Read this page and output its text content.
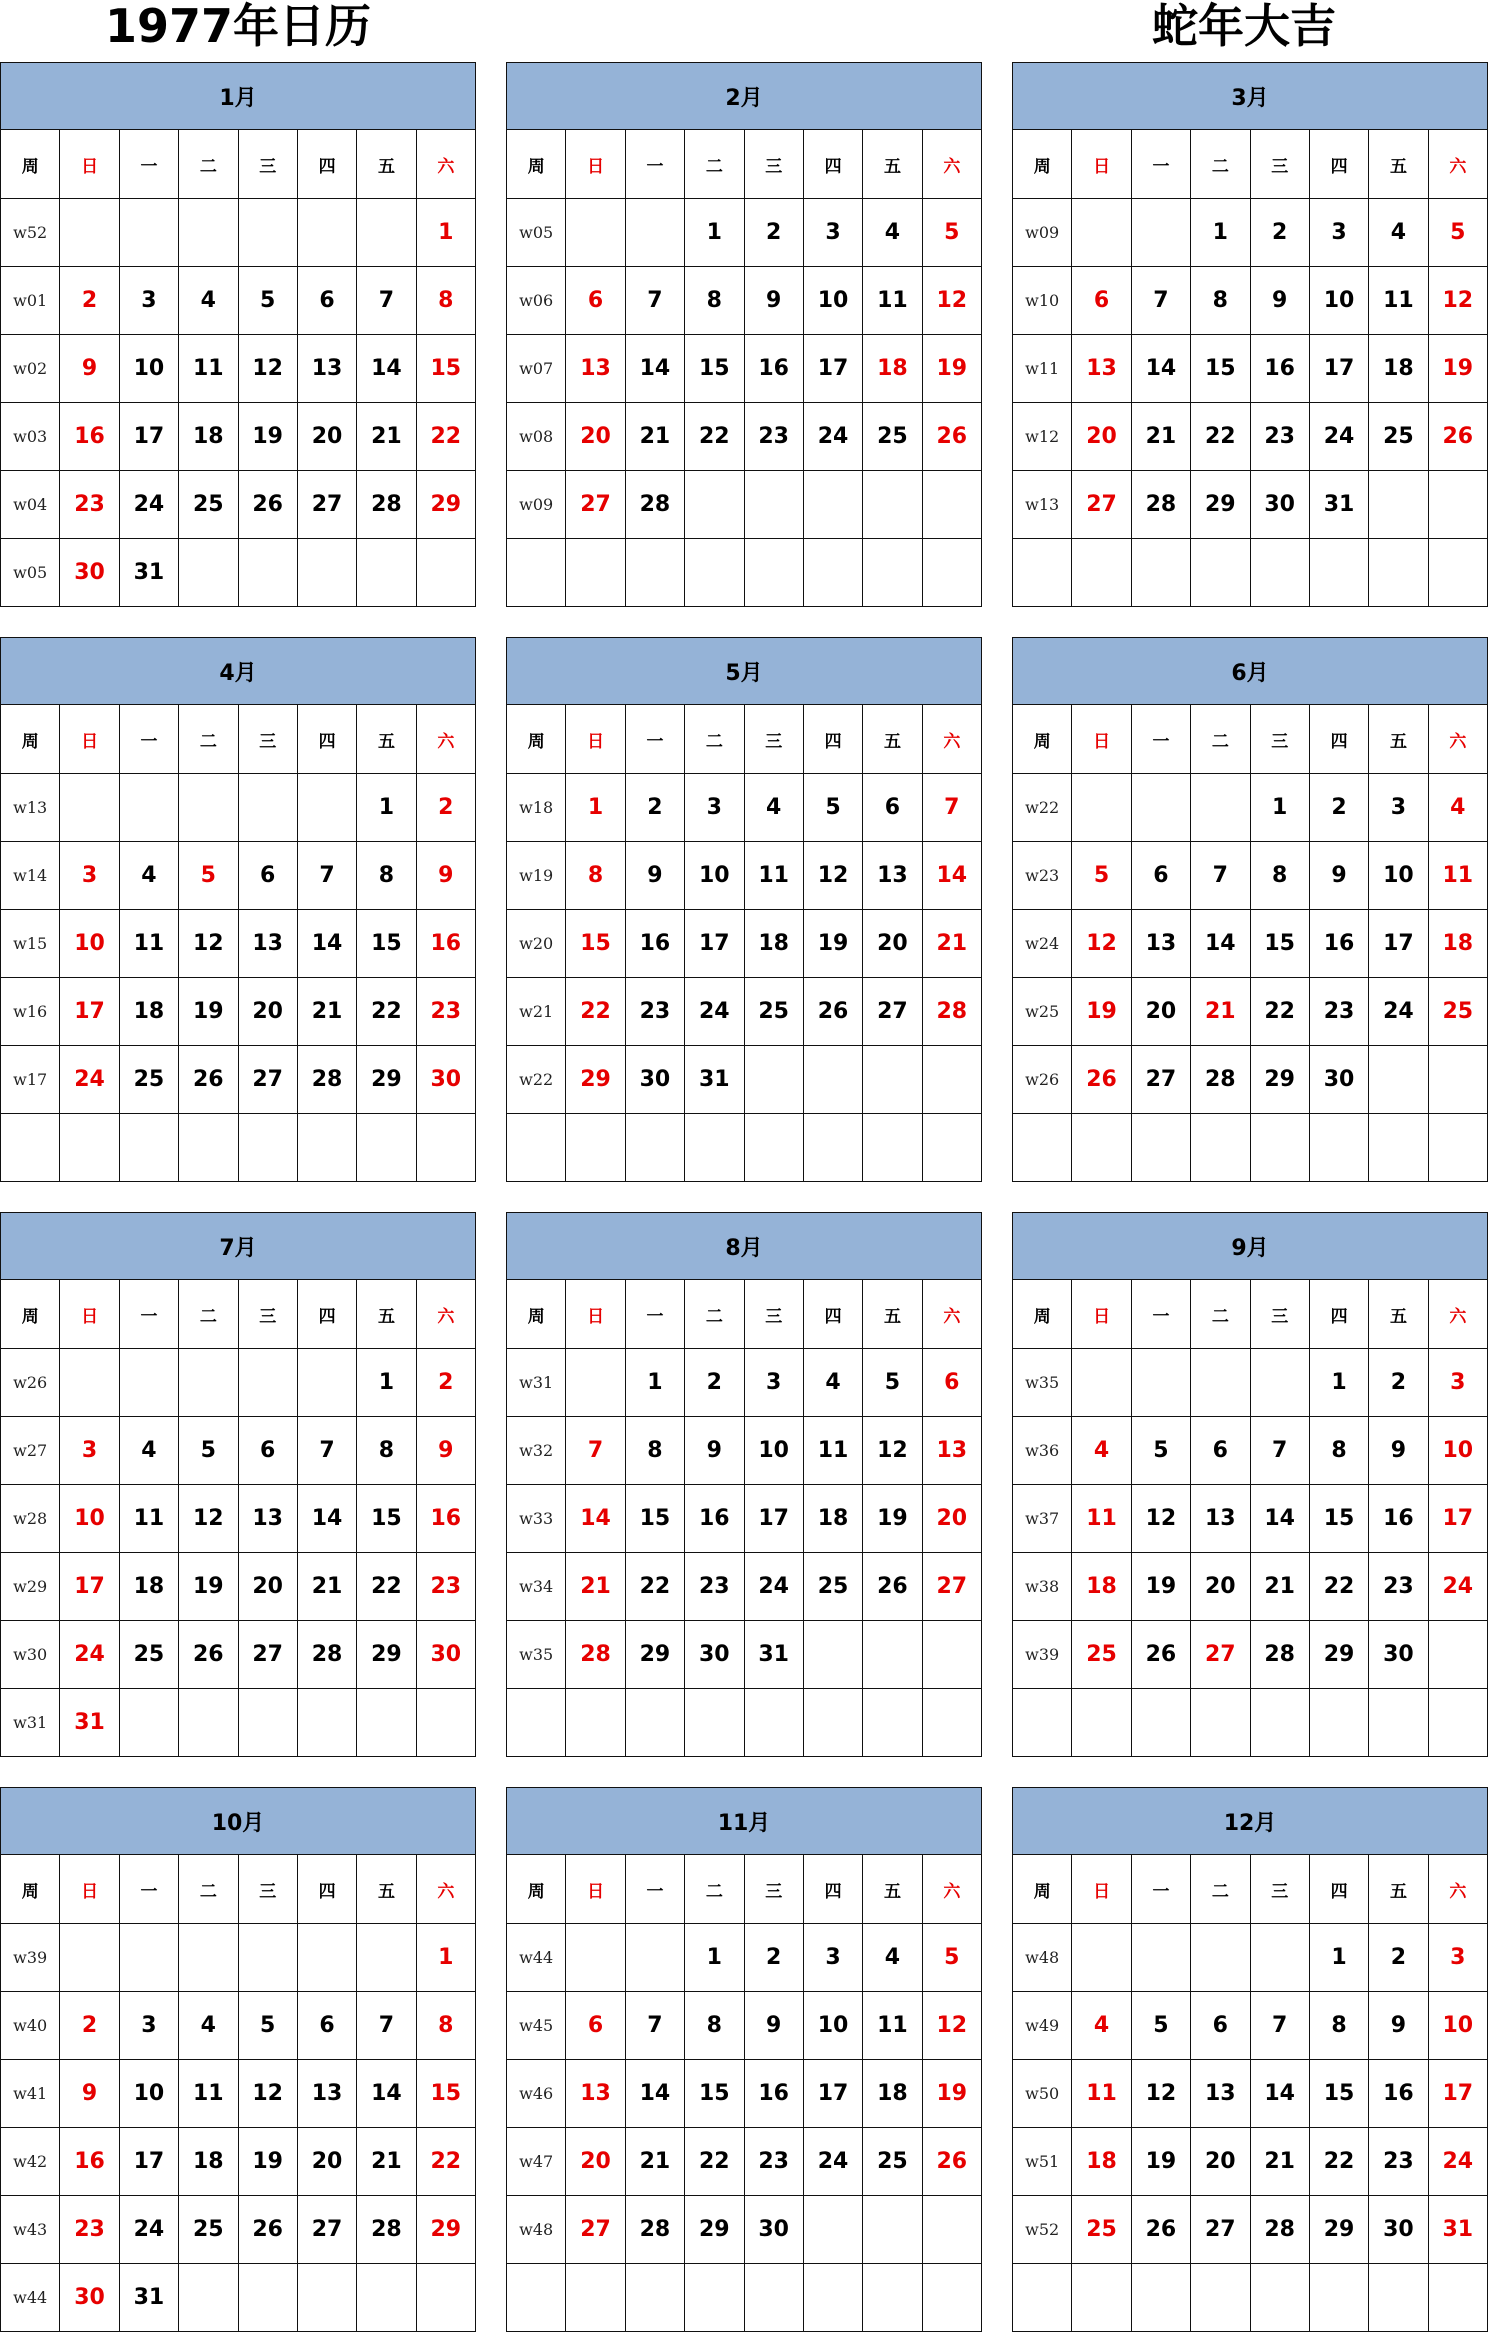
1977年日历	蛇年大吉
1月							
周	日	一	二	三	四	五	六
w52							1
w01	2	3	4	5	6	7	8
w02	9	10	11	12	13	14	15
w03	16	17	18	19	20	21	22
w04	23	24	25	26	27	28	29
w05	30	31					
2月							
周	日	一	二	三	四	五	六
w05			1	2	3	4	5
w06	6	7	8	9	10	11	12
w07	13	14	15	16	17	18	19
w08	20	21	22	23	24	25	26
w09	27	28					

3月							
周	日	一	二	三	四	五	六
w09			1	2	3	4	5
w10	6	7	8	9	10	11	12
w11	13	14	15	16	17	18	19
w12	20	21	22	23	24	25	26
w13	27	28	29	30	31		

4月							
周	日	一	二	三	四	五	六
w13						1	2
w14	3	4	5	6	7	8	9
w15	10	11	12	13	14	15	16
w16	17	18	19	20	21	22	23
w17	24	25	26	27	28	29	30

5月							
周	日	一	二	三	四	五	六
w18	1	2	3	4	5	6	7
w19	8	9	10	11	12	13	14
w20	15	16	17	18	19	20	21
w21	22	23	24	25	26	27	28
w22	29	30	31				

6月							
周	日	一	二	三	四	五	六
w22				1	2	3	4
w23	5	6	7	8	9	10	11
w24	12	13	14	15	16	17	18
w25	19	20	21	22	23	24	25
w26	26	27	28	29	30		

7月							
周	日	一	二	三	四	五	六
w26						1	2
w27	3	4	5	6	7	8	9
w28	10	11	12	13	14	15	16
w29	17	18	19	20	21	22	23
w30	24	25	26	27	28	29	30
w31	31						
8月							
周	日	一	二	三	四	五	六
w31		1	2	3	4	5	6
w32	7	8	9	10	11	12	13
w33	14	15	16	17	18	19	20
w34	21	22	23	24	25	26	27
w35	28	29	30	31			

9月							
周	日	一	二	三	四	五	六
w35					1	2	3
w36	4	5	6	7	8	9	10
w37	11	12	13	14	15	16	17
w38	18	19	20	21	22	23	24
w39	25	26	27	28	29	30	

10月							
周	日	一	二	三	四	五	六
w39							1
w40	2	3	4	5	6	7	8
w41	9	10	11	12	13	14	15
w42	16	17	18	19	20	21	22
w43	23	24	25	26	27	28	29
w44	30	31					
11月							
周	日	一	二	三	四	五	六
w44			1	2	3	4	5
w45	6	7	8	9	10	11	12
w46	13	14	15	16	17	18	19
w47	20	21	22	23	24	25	26
w48	27	28	29	30			

12月							
周	日	一	二	三	四	五	六
w48					1	2	3
w49	4	5	6	7	8	9	10
w50	11	12	13	14	15	16	17
w51	18	19	20	21	22	23	24
w52	25	26	27	28	29	30	31
